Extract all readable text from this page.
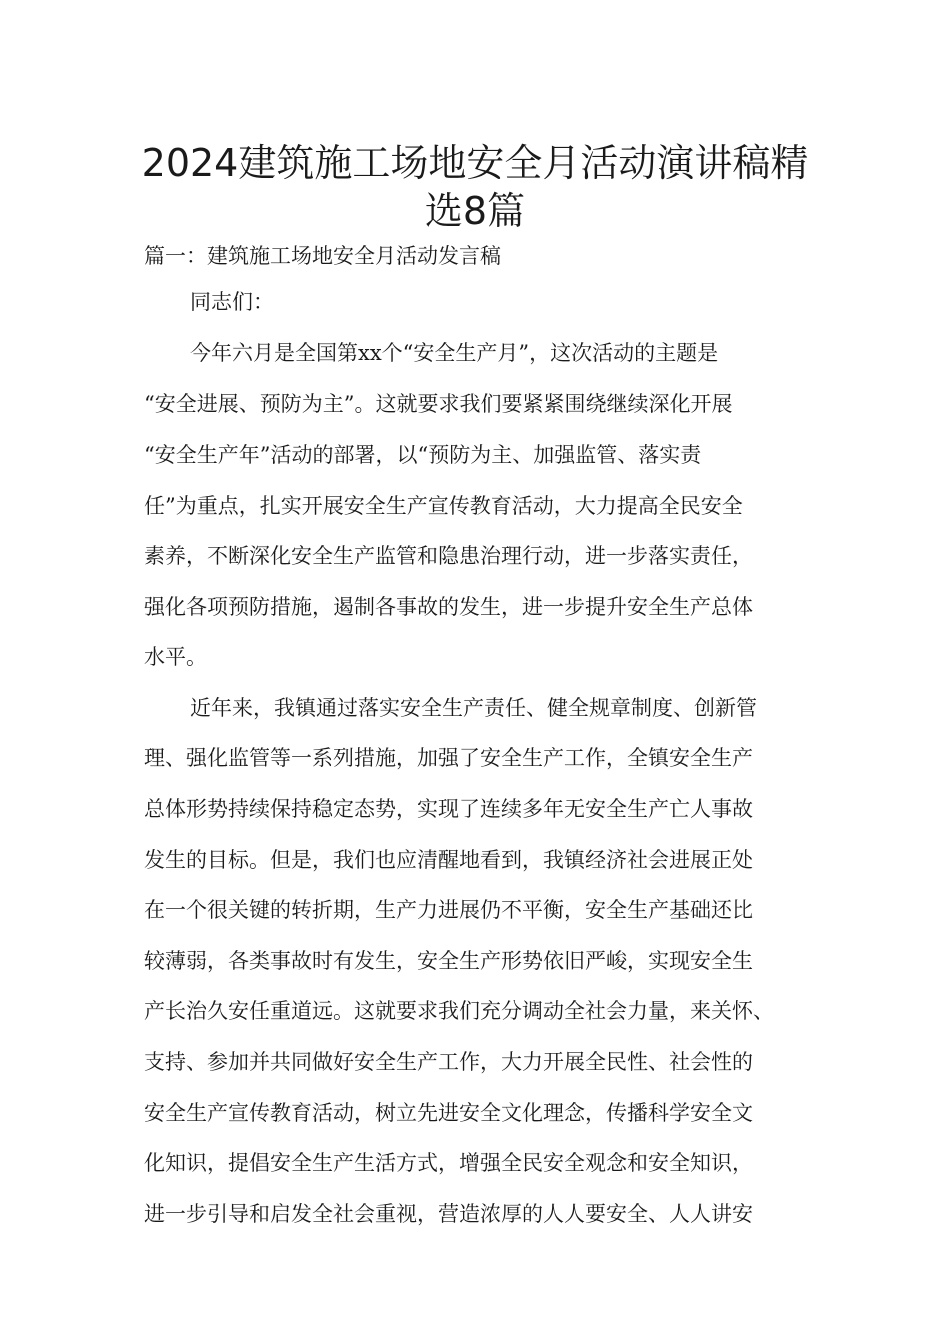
2024建筑施工场地安全月活动演讲稿精
选8篇
篇一：建筑施工场地安全月活动发言稿
同志们：
今年六月是全国第xx个“安全生产月”，这次活动的主题是
“安全进展、预防为主”。这就要求我们要紧紧围绕继续深化开展
“安全生产年”活动的部署，以“预防为主、加强监管、落实责
任”为重点，扎实开展安全生产宣传教育活动，大力提高全民安全
素养，不断深化安全生产监管和隐患治理行动，进一步落实责任，
强化各项预防措施，遏制各事故的发生，进一步提升安全生产总体
水平。
近年来，我镇通过落实安全生产责任、健全规章制度、创新管
理、强化监管等一系列措施，加强了安全生产工作，全镇安全生产
总体形势持续保持稳定态势，实现了连续多年无安全生产亡人事故
发生的目标。但是，我们也应清醒地看到，我镇经济社会进展正处
在一个很关键的转折期，生产力进展仍不平衡，安全生产基础还比
较薄弱，各类事故时有发生，安全生产形势依旧严峻，实现安全生
产长治久安任重道远。这就要求我们充分调动全社会力量，来关怀、
支持、参加并共同做好安全生产工作，大力开展全民性、社会性的
安全生产宣传教育活动，树立先进安全文化理念，传播科学安全文
化知识，提倡安全生产生活方式，增强全民安全观念和安全知识，
进一步引导和启发全社会重视，营造浓厚的人人要安全、人人讲安
